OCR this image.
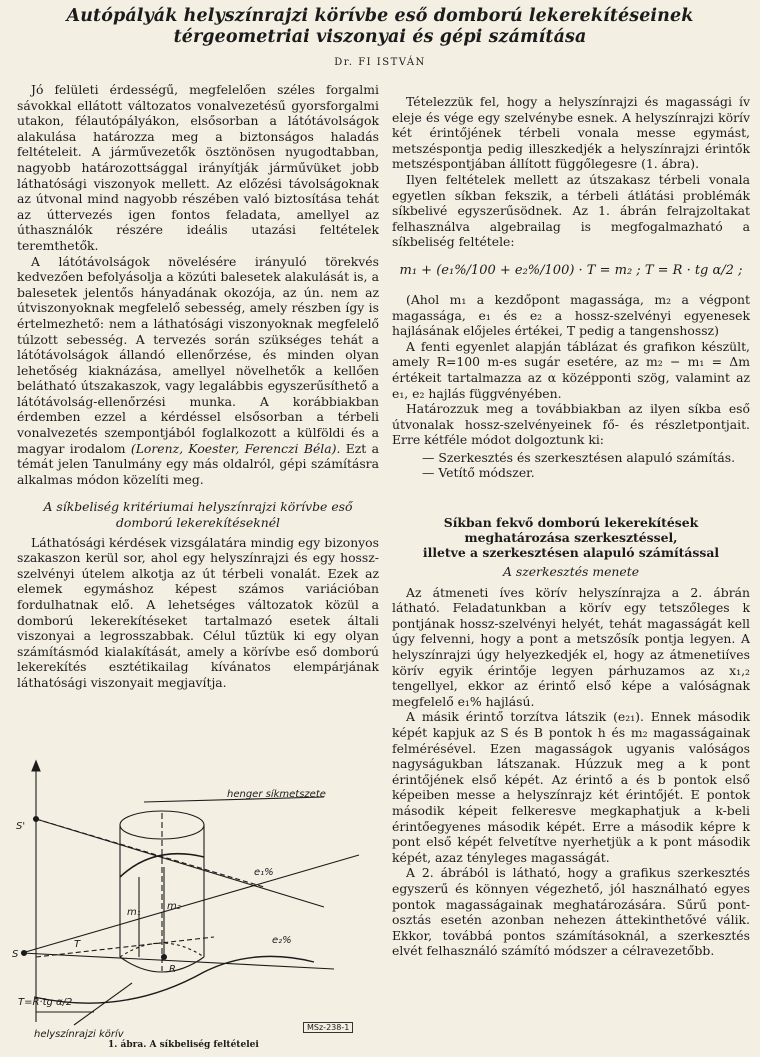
Autópályák helyszínrajzi körívbe eső domború lekerekítéseinek
térgeometriai viszonyai és gépi számítása
Dr. FI ISTVÁN

Jó felületi érdességű, megfelelően széles forgalmi sávokkal ellátott változatos vonalvezetésű gyorsforgalmi utakon, félautópályákon, elsősorban a látótávolságok alakulása határozza meg a biztonságos haladás feltételeit. A járművezetők ösztönösen nyugodtabban, nagyobb határozottsággal irányítják járművüket jobb láthatósági viszonyok mellett. Az előzési távolságoknak az útvonal mind nagyobb részében való biztosítása tehát az úttervezés igen fontos feladata, amellyel az úthasználók részére ideális utazási feltételek teremthetők.

A látótávolságok növelésére irányuló törekvés kedvezően befolyásolja a közúti balesetek alakulását is, a balesetek jelentős hányadának okozója, az ún. nem az útviszonyoknak megfelelő sebesség, amely részben így is értelmezhető: nem a láthatósági viszonyoknak megfelelő túlzott sebesség. A tervezés során szükséges tehát a látótávolságok állandó ellenőrzése, és minden olyan lehetőség kiaknázása, amellyel növelhetők a kellően belátható útszakaszok, vagy legalábbis egyszerűsíthető a látótávolság-ellenőrzési munka. A korábbiakban érdemben ezzel a kérdéssel elsősorban a térbeli vonalvezetés szempontjából foglalkozott a külföldi és a magyar irodalom (Lorenz, Koester, Ferenczi Béla). Ezt a témát jelen Tanulmány egy más oldalról, gépi számításra alkalmas módon közelíti meg.

A síkbeliség kritériumai helyszínrajzi körívbe eső
domború lekerekítéseknél

Láthatósági kérdések vizsgálatára mindig egy bizonyos szakaszon kerül sor, ahol egy helyszínrajzi és egy hossz-szelvényi útelem alkotja az út térbeli vonalát. Ezek az elemek egymáshoz képest számos variációban fordulhatnak elő. A lehetséges változatok közül a domború lekerekítéseket tartalmazó esetek általi viszonyai a legrosszabbak. Célul tűztük ki egy olyan számításmód kialakítását, amely a körívbe eső domború lekerekítés esztétikailag kívánatos elempárjának láthatósági viszonyait megjavítja.

henger síkmetszete
e₁%
e₂%
S'
S
m₁
m₂
R
T
T=R·tg α/2
helyszínrajzi körív
MSz-238-1
1. ábra. A síkbeliség feltételei

Tételezzük fel, hogy a helyszínrajzi és magassági ív eleje és vége egy szelvénybe esnek. A helyszínrajzi körív két érintőjének térbeli vonala messe egymást, metszéspontja pedig illeszkedjék a helyszínrajzi érintők metszéspontjában állított függőlegesre (1. ábra).

Ilyen feltételek mellett az útszakasz térbeli vonala egyetlen síkban fekszik, a térbeli átlátási problémák síkbelivé egyszerűsödnek. Az 1. ábrán felrajzoltakat felhasználva algebrailag is megfogalmazható a síkbeliség feltétele:

m₁ + (e₁%/100 + e₂%/100) · T = m₂ ; T = R · tg α/2 ;

(Ahol m₁ a kezdőpont magassága, m₂ a végpont magassága, e₁ és e₂ a hossz-szelvényi egyenesek hajlásának előjeles értékei, T pedig a tangenshossz)

A fenti egyenlet alapján táblázat és grafikon készült, amely R=100 m-es sugár esetére, az m₂ − m₁ = Δm értékeit tartalmazza az α középponti szög, valamint az e₁, e₂ hajlás függvényében.

Határozzuk meg a továbbiakban az ilyen síkba eső útvonalak hossz-szelvényeinek fő- és részletpontjait. Erre kétféle módot dolgoztunk ki:

— Szerkesztés és szerkesztésen alapuló számítás.
— Vetítő módszer.
Síkban fekvő domború lekerekítések
meghatározása szerkesztéssel,
illetve a szerkesztésen alapuló számítással
A szerkesztés menete

Az átmeneti íves körív helyszínrajza a 2. ábrán látható. Feladatunkban a körív egy tetszőleges k pontjának hossz-szelvényi helyét, tehát magasságát kell úgy felvenni, hogy a pont a metszősík pontja legyen. A helyszínrajzi úgy helyezkedjék el, hogy az átmenetiíves körív egyik érintője legyen párhuzamos az x₁,₂ tengellyel, ekkor az érintő első képe a valóságnak megfelelő e₁% hajlású.

A másik érintő torzítva látszik (e₂₁). Ennek második képét kapjuk az S és B pontok h és m₂ magasságainak felmérésével. Ezen magasságok ugyanis valóságos nagyságukban látszanak. Húzzuk meg a k pont érintőjének első képét. Az érintő a és b pontok első képeiben messe a helyszínrajz két érintőjét. E pontok második képeit felkeresve megkaphatjuk a k-beli érintőegyenes második képét. Erre a második képre k pont első képét felvetítve nyerhetjük a k pont második képét, azaz tényleges magasságát.

A 2. ábrából is látható, hogy a grafikus szerkesztés egyszerű és könnyen végezhető, jól használható egyes pontok magasságainak meghatározására. Sűrű pont-osztás esetén azonban nehezen áttekinthetővé válik. Ekkor, továbbá pontos számításoknál, a szerkesztés elvét felhasználó számító módszer a célravezetőbb.
